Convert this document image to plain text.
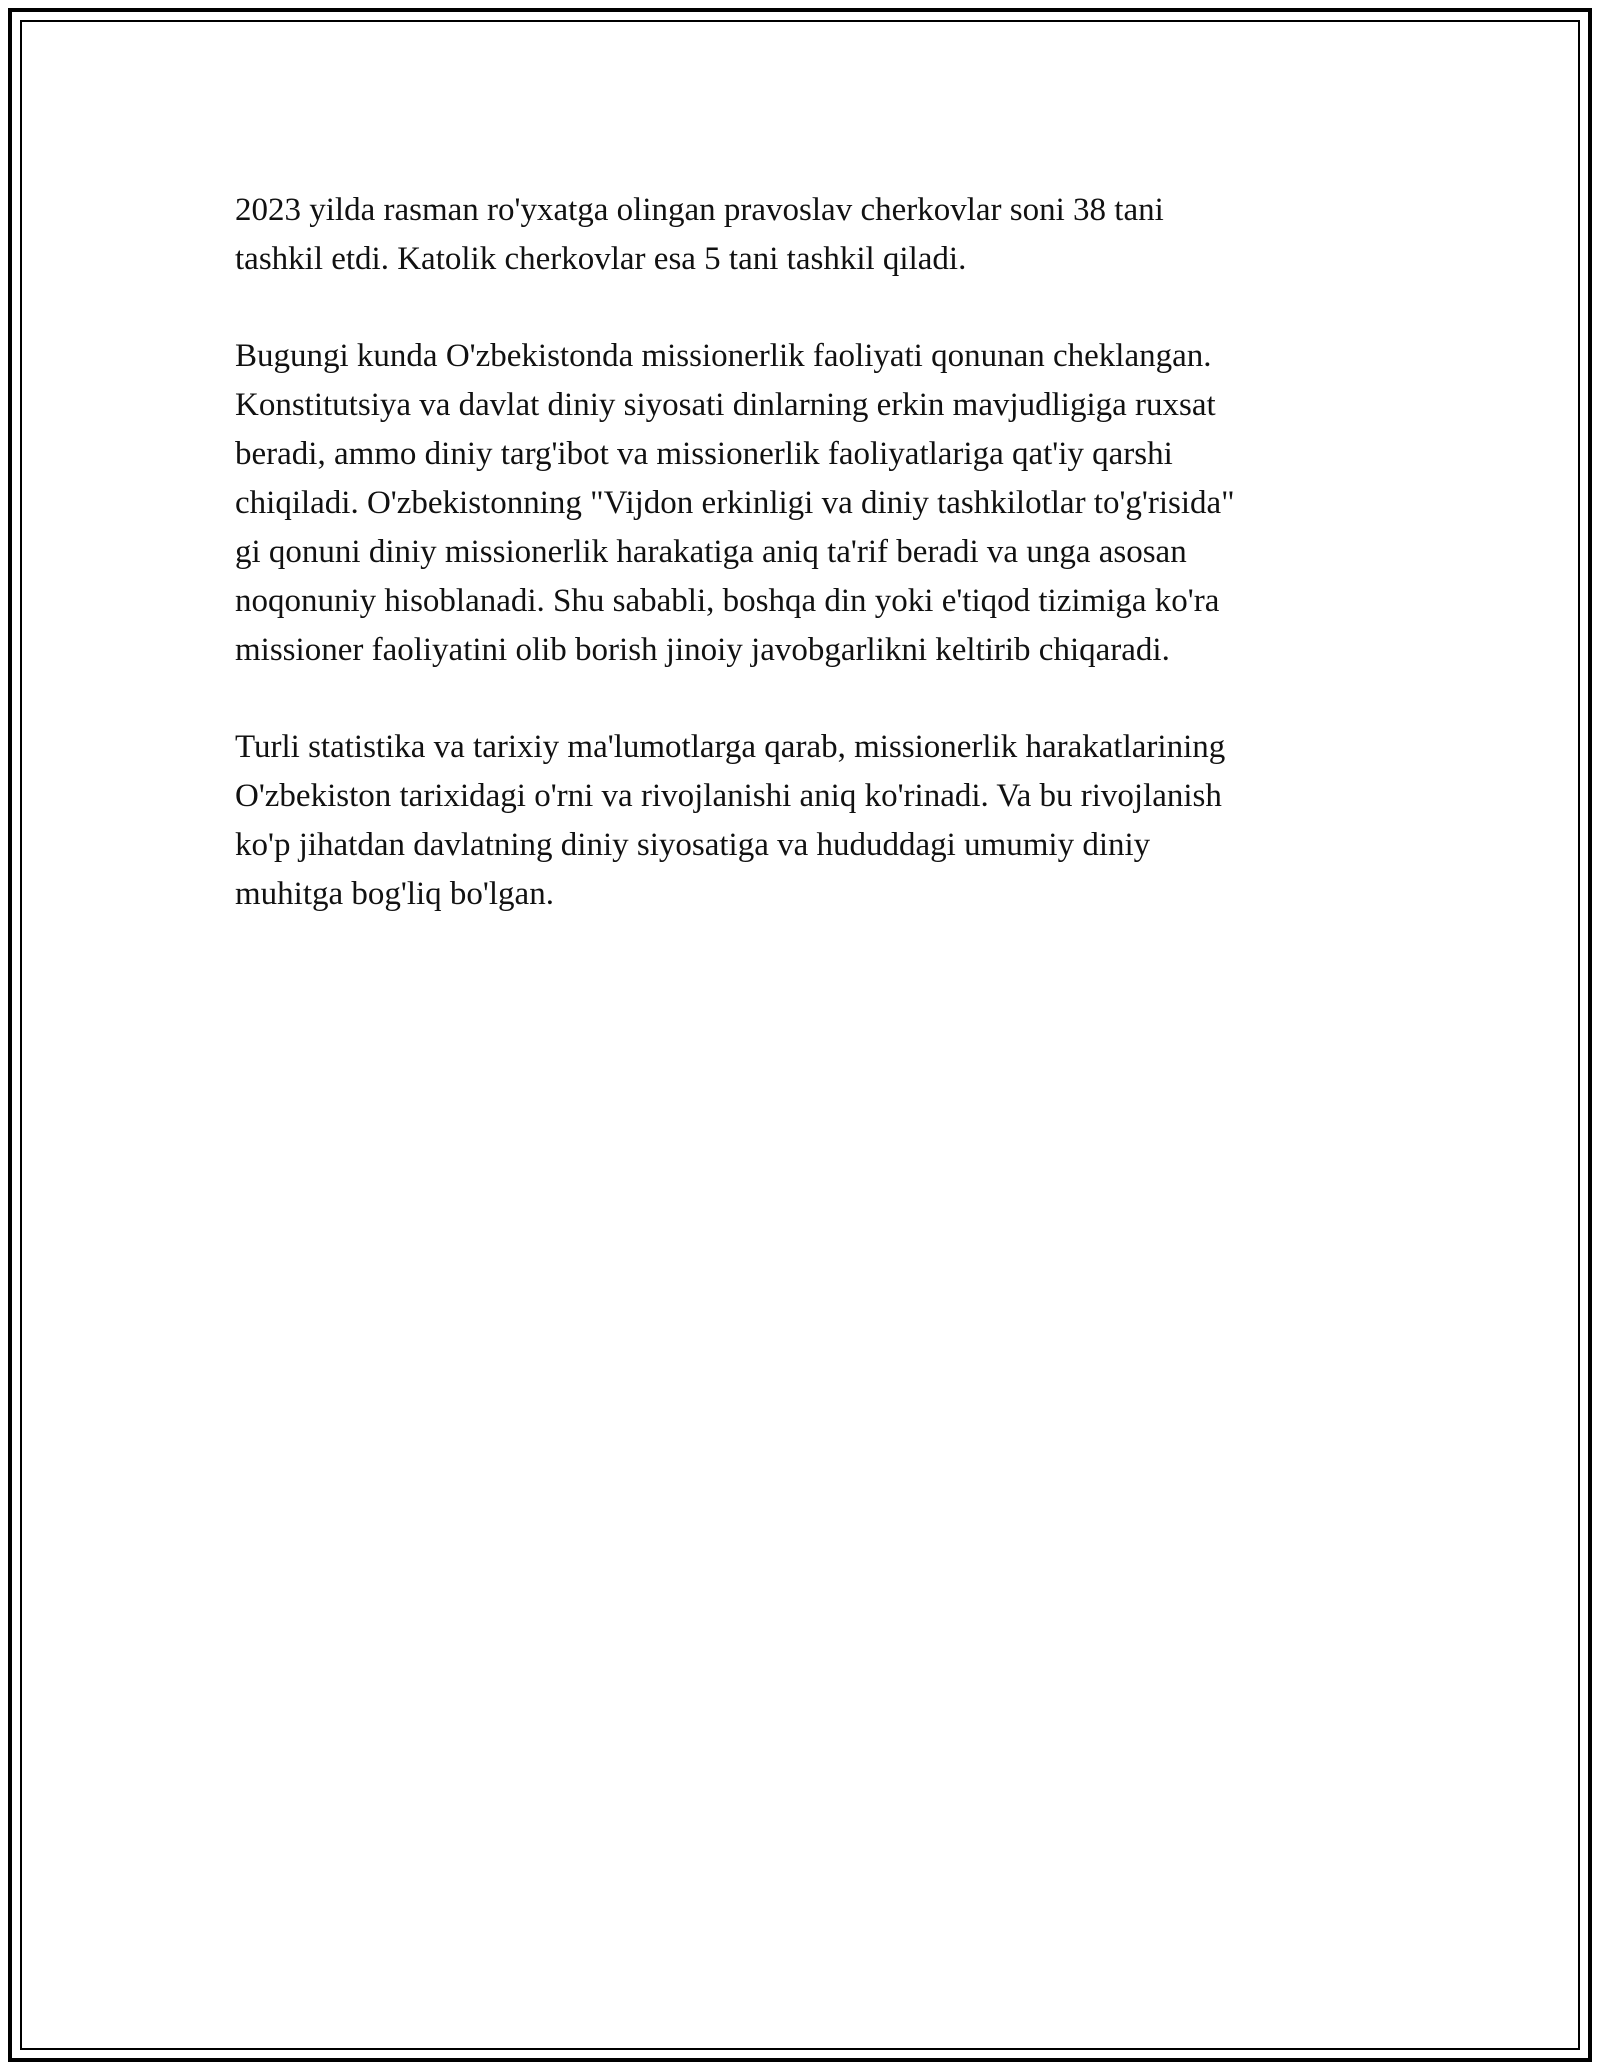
2023 yilda rasman ro'yxatga olingan pravoslav cherkovlar soni 38 tani
tashkil etdi. Katolik cherkovlar esa 5 tani tashkil qiladi.

Bugungi kunda O'zbekistonda missionerlik faoliyati qonunan cheklangan.
Konstitutsiya va davlat diniy siyosati dinlarning erkin mavjudligiga ruxsat
beradi, ammo diniy targ'ibot va missionerlik faoliyatlariga qat'iy qarshi
chiqiladi. O'zbekistonning "Vijdon erkinligi va diniy tashkilotlar to'g'risida"
gi qonuni diniy missionerlik harakatiga aniq ta'rif beradi va unga asosan
noqonuniy hisoblanadi. Shu sababli, boshqa din yoki e'tiqod tizimiga ko'ra
missioner faoliyatini olib borish jinoiy javobgarlikni keltirib chiqaradi.

Turli statistika va tarixiy ma'lumotlarga qarab, missionerlik harakatlarining
O'zbekiston tarixidagi o'rni va rivojlanishi aniq ko'rinadi. Va bu rivojlanish
ko'p jihatdan davlatning diniy siyosatiga va hududdagi umumiy diniy
muhitga bog'liq bo'lgan.
